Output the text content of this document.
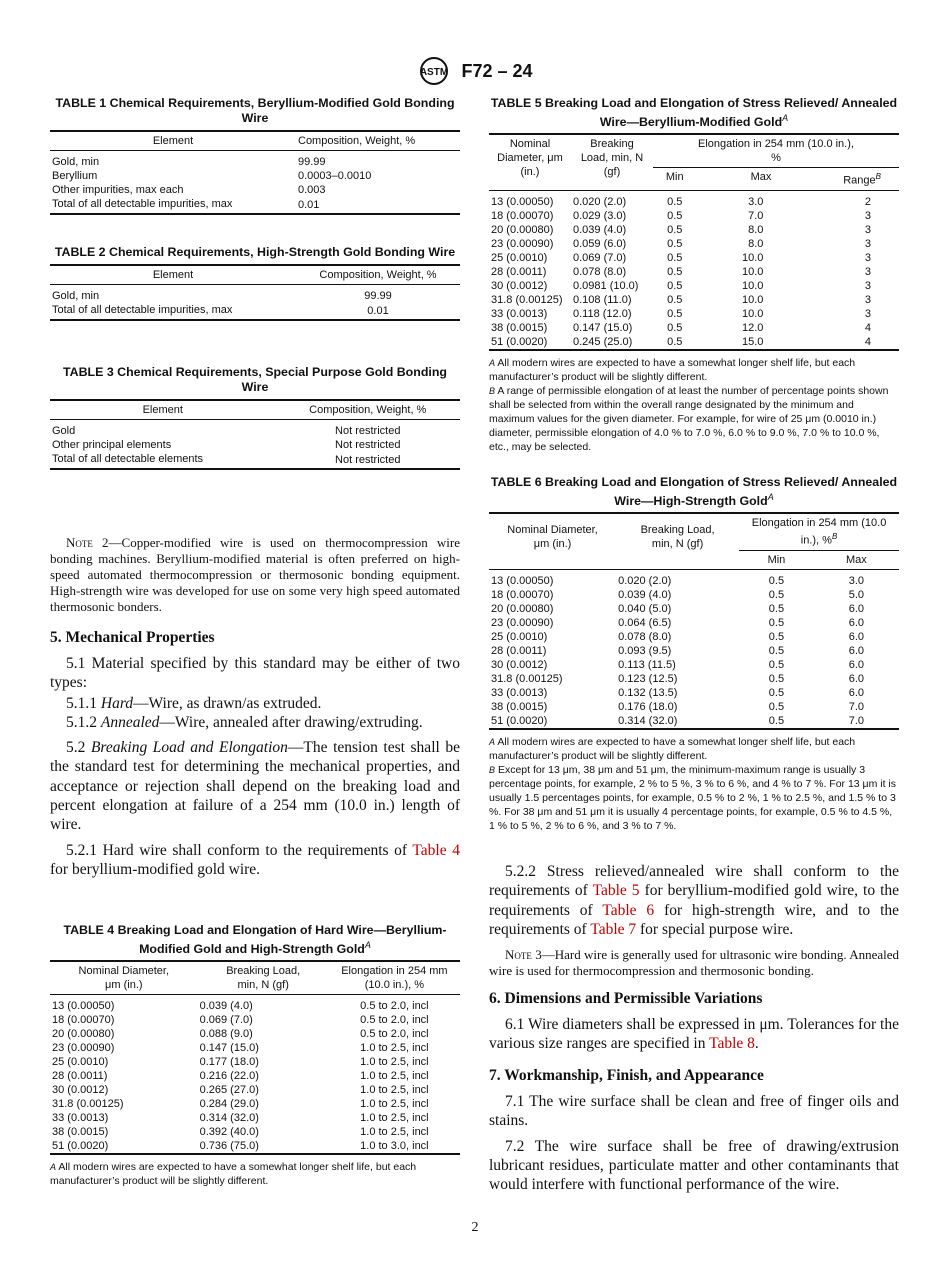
ASTM F72 – 24
TABLE 1 Chemical Requirements, Beryllium-Modified Gold Bonding Wire
Element	Composition, Weight, %
Gold, min	99.99
Beryllium	0.0003–0.0010
Other impurities, max each	0.003
Total of all detectable impurities, max	0.01
TABLE 2 Chemical Requirements, High-Strength Gold Bonding Wire
Element	Composition, Weight, %
Gold, min	99.99
Total of all detectable impurities, max	0.01
TABLE 3 Chemical Requirements, Special Purpose Gold Bonding Wire
Element	Composition, Weight, %
Gold	Not restricted
Other principal elements	Not restricted
Total of all detectable elements	Not restricted
Note 2—Copper-modified wire is used on thermocompression wire bonding machines. Beryllium-modified material is often preferred on high-speed automated thermocompression or thermosonic bonding equipment. High-strength wire was developed for use on some very high speed automated thermosonic bonders.
5. Mechanical Properties
5.1 Material specified by this standard may be either of two types:
5.1.1 Hard—Wire, as drawn/as extruded.
5.1.2 Annealed—Wire, annealed after drawing/extruding.
5.2 Breaking Load and Elongation—The tension test shall be the standard test for determining the mechanical properties, and acceptance or rejection shall depend on the breaking load and percent elongation at failure of a 254 mm (10.0 in.) length of wire.
5.2.1 Hard wire shall conform to the requirements of Table 4 for beryllium-modified gold wire.
TABLE 4 Breaking Load and Elongation of Hard Wire—Beryllium-Modified Gold and High-Strength Gold$^A$
Nominal Diameter, μm (in.)	Breaking Load, min, N (gf)	Elongation in 254 mm (10.0 in.), %
13 (0.00050)	0.039 (4.0)	0.5 to 2.0, incl
18 (0.00070)	0.069 (7.0)	0.5 to 2.0, incl
20 (0.00080)	0.088 (9.0)	0.5 to 2.0, incl
23 (0.00090)	0.147 (15.0)	1.0 to 2.5, incl
25 (0.0010)	0.177 (18.0)	1.0 to 2.5, incl
28 (0.0011)	0.216 (22.0)	1.0 to 2.5, incl
30 (0.0012)	0.265 (27.0)	1.0 to 2.5, incl
31.8 (0.00125)	0.284 (29.0)	1.0 to 2.5, incl
33 (0.0013)	0.314 (32.0)	1.0 to 2.5, incl
38 (0.0015)	0.392 (40.0)	1.0 to 2.5, incl
51 (0.0020)	0.736 (75.0)	1.0 to 3.0, incl
A All modern wires are expected to have a somewhat longer shelf life, but each manufacturer’s product will be slightly different.
TABLE 5 Breaking Load and Elongation of Stress Relieved/ Annealed Wire—Beryllium-Modified Gold$^A$
Nominal Diameter, μm (in.)	Breaking Load, min, N (gf)	Elongation in 254 mm (10.0 in.), %		
		Min	Max	Range$^B$
13 (0.00050)	0.020 (2.0)	0.5	3.0	2
18 (0.00070)	0.029 (3.0)	0.5	7.0	3
20 (0.00080)	0.039 (4.0)	0.5	8.0	3
23 (0.00090)	0.059 (6.0)	0.5	8.0	3
25 (0.0010)	0.069 (7.0)	0.5	10.0	3
28 (0.0011)	0.078 (8.0)	0.5	10.0	3
30 (0.0012)	0.0981 (10.0)	0.5	10.0	3
31.8 (0.00125)	0.108 (11.0)	0.5	10.0	3
33 (0.0013)	0.118 (12.0)	0.5	10.0	3
38 (0.0015)	0.147 (15.0)	0.5	12.0	4
51 (0.0020)	0.245 (25.0)	0.5	15.0	4
A All modern wires are expected to have a somewhat longer shelf life, but each manufacturer’s product will be slightly different.
B A range of permissible elongation of at least the number of percentage points shown shall be selected from within the overall range designated by the minimum and maximum values for the given diameter. For example, for wire of 25 μm (0.0010 in.) diameter, permissible elongation of 4.0 % to 7.0 %, 6.0 % to 9.0 %, 7.0 % to 10.0 %, etc., may be selected.
TABLE 6 Breaking Load and Elongation of Stress Relieved/ Annealed Wire—High-Strength Gold$^A$
Nominal Diameter, μm (in.)	Breaking Load, min, N (gf)	Elongation in 254 mm (10.0 in.), %$^B$
		Min	Max
13 (0.00050)	0.020 (2.0)	0.5	3.0
18 (0.00070)	0.039 (4.0)	0.5	5.0
20 (0.00080)	0.040 (5.0)	0.5	6.0
23 (0.00090)	0.064 (6.5)	0.5	6.0
25 (0.0010)	0.078 (8.0)	0.5	6.0
28 (0.0011)	0.093 (9.5)	0.5	6.0
30 (0.0012)	0.113 (11.5)	0.5	6.0
31.8 (0.00125)	0.123 (12.5)	0.5	6.0
33 (0.0013)	0.132 (13.5)	0.5	6.0
38 (0.0015)	0.176 (18.0)	0.5	7.0
51 (0.0020)	0.314 (32.0)	0.5	7.0
A All modern wires are expected to have a somewhat longer shelf life, but each manufacturer’s product will be slightly different.
B Except for 13 μm, 38 μm and 51 μm, the minimum-maximum range is usually 3 percentage points, for example, 2 % to 5 %, 3 % to 6 %, and 4 % to 7 %. For 13 μm it is usually 1.5 percentages points, for example, 0.5 % to 2 %, 1 % to 2.5 %, and 1.5 % to 3 %. For 38 μm and 51 μm it is usually 4 percentage points, for example, 0.5 % to 4.5 %, 1 % to 5 %, 2 % to 6 %, and 3 % to 7 %.
5.2.2 Stress relieved/annealed wire shall conform to the requirements of Table 5 for beryllium-modified gold wire, to the requirements of Table 6 for high-strength wire, and to the requirements of Table 7 for special purpose wire.
Note 3—Hard wire is generally used for ultrasonic wire bonding. Annealed wire is used for thermocompression and thermosonic bonding.
6. Dimensions and Permissible Variations
6.1 Wire diameters shall be expressed in μm. Tolerances for the various size ranges are specified in Table 8.
7. Workmanship, Finish, and Appearance
7.1 The wire surface shall be clean and free of finger oils and stains.
7.2 The wire surface shall be free of drawing/extrusion lubricant residues, particulate matter and other contaminants that would interfere with functional performance of the wire.
2
